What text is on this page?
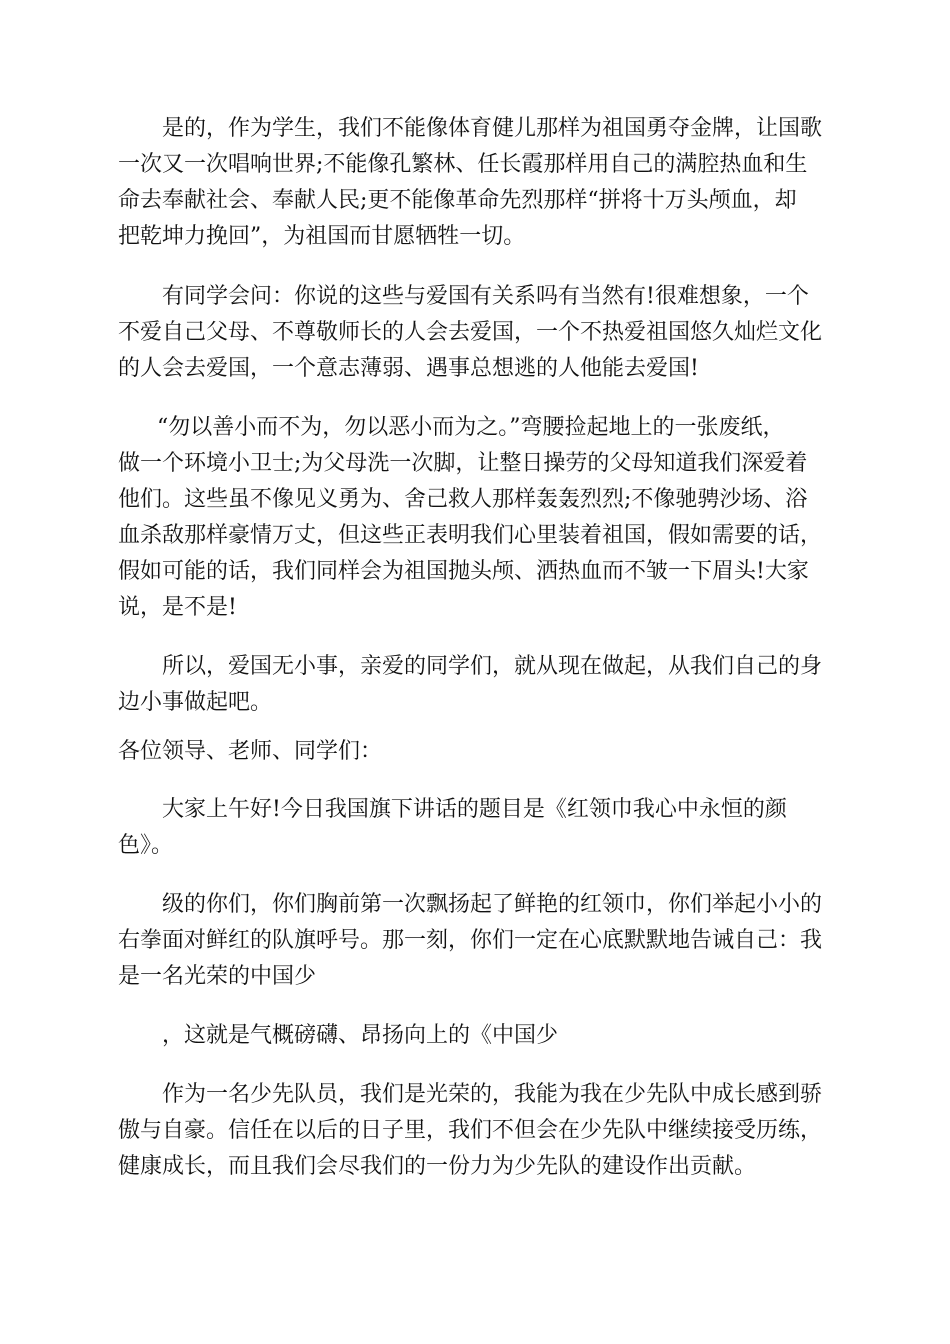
是的，作为学生，我们不能像体育健儿那样为祖国勇夺金牌，让国歌

一次又一次唱响世界;不能像孔繁林、任长霞那样用自己的满腔热血和生

命去奉献社会、奉献人民;更不能像革命先烈那样“拼将十万头颅血，却

把乾坤力挽回”，为祖国而甘愿牺牲一切。

有同学会问：你说的这些与爱国有关系吗有当然有!很难想象，一个

不爱自己父母、不尊敬师长的人会去爱国，一个不热爱祖国悠久灿烂文化

的人会去爱国，一个意志薄弱、遇事总想逃的人他能去爱国!

“勿以善小而不为，勿以恶小而为之。”弯腰捡起地上的一张废纸，

做一个环境小卫士;为父母洗一次脚，让整日操劳的父母知道我们深爱着

他们。这些虽不像见义勇为、舍己救人那样轰轰烈烈;不像驰骋沙场、浴

血杀敌那样豪情万丈，但这些正表明我们心里装着祖国，假如需要的话，

假如可能的话，我们同样会为祖国抛头颅、洒热血而不皱一下眉头!大家

说，是不是!

所以，爱国无小事，亲爱的同学们，就从现在做起，从我们自己的身

边小事做起吧。

各位领导、老师、同学们：

大家上午好!今日我国旗下讲话的题目是《红领巾我心中永恒的颜

色》。

级的你们，你们胸前第一次飘扬起了鲜艳的红领巾，你们举起小小的

右拳面对鲜红的队旗呼号。那一刻，你们一定在心底默默地告诫自己：我

是一名光荣的中国少

，这就是气概磅礴、昂扬向上的《中国少

作为一名少先队员，我们是光荣的，我能为我在少先队中成长感到骄

傲与自豪。信任在以后的日子里，我们不但会在少先队中继续接受历练，

健康成长，而且我们会尽我们的一份力为少先队的建设作出贡献。
